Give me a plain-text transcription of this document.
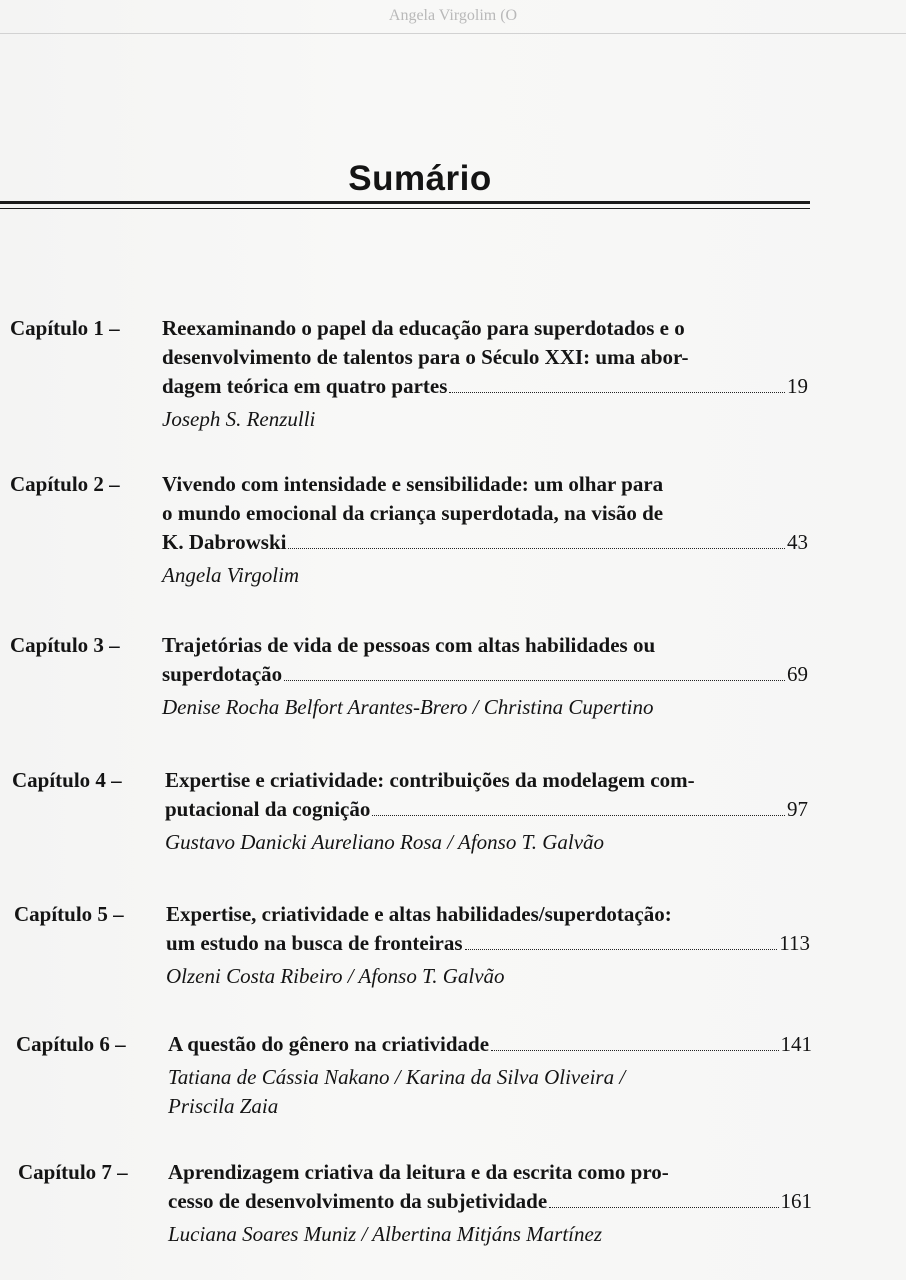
Angela Virgolim (O
Sumário
Capítulo 1 – Reexaminando o papel da educação para superdotados e o
desenvolvimento de talentos para o Século XXI: uma abor-
dagem teórica em quatro partes	19
Joseph S. Renzulli
Capítulo 2 – Vivendo com intensidade e sensibilidade: um olhar para
o mundo emocional da criança superdotada, na visão de
K. Dabrowski	43
Angela Virgolim
Capítulo 3 – Trajetórias de vida de pessoas com altas habilidades ou
superdotação	69
Denise Rocha Belfort Arantes-Brero / Christina Cupertino
Capítulo 4 – Expertise e criatividade: contribuições da modelagem com-
putacional da cognição	97
Gustavo Danicki Aureliano Rosa / Afonso T. Galvão
Capítulo 5 – Expertise, criatividade e altas habilidades/superdotação:
um estudo na busca de fronteiras	113
Olzeni Costa Ribeiro / Afonso T. Galvão
Capítulo 6 – A questão do gênero na criatividade	141
Tatiana de Cássia Nakano / Karina da Silva Oliveira /
Priscila Zaia
Capítulo 7 – Aprendizagem criativa da leitura e da escrita como pro-
cesso de desenvolvimento da subjetividade	161
Luciana Soares Muniz / Albertina Mitjáns Martínez
